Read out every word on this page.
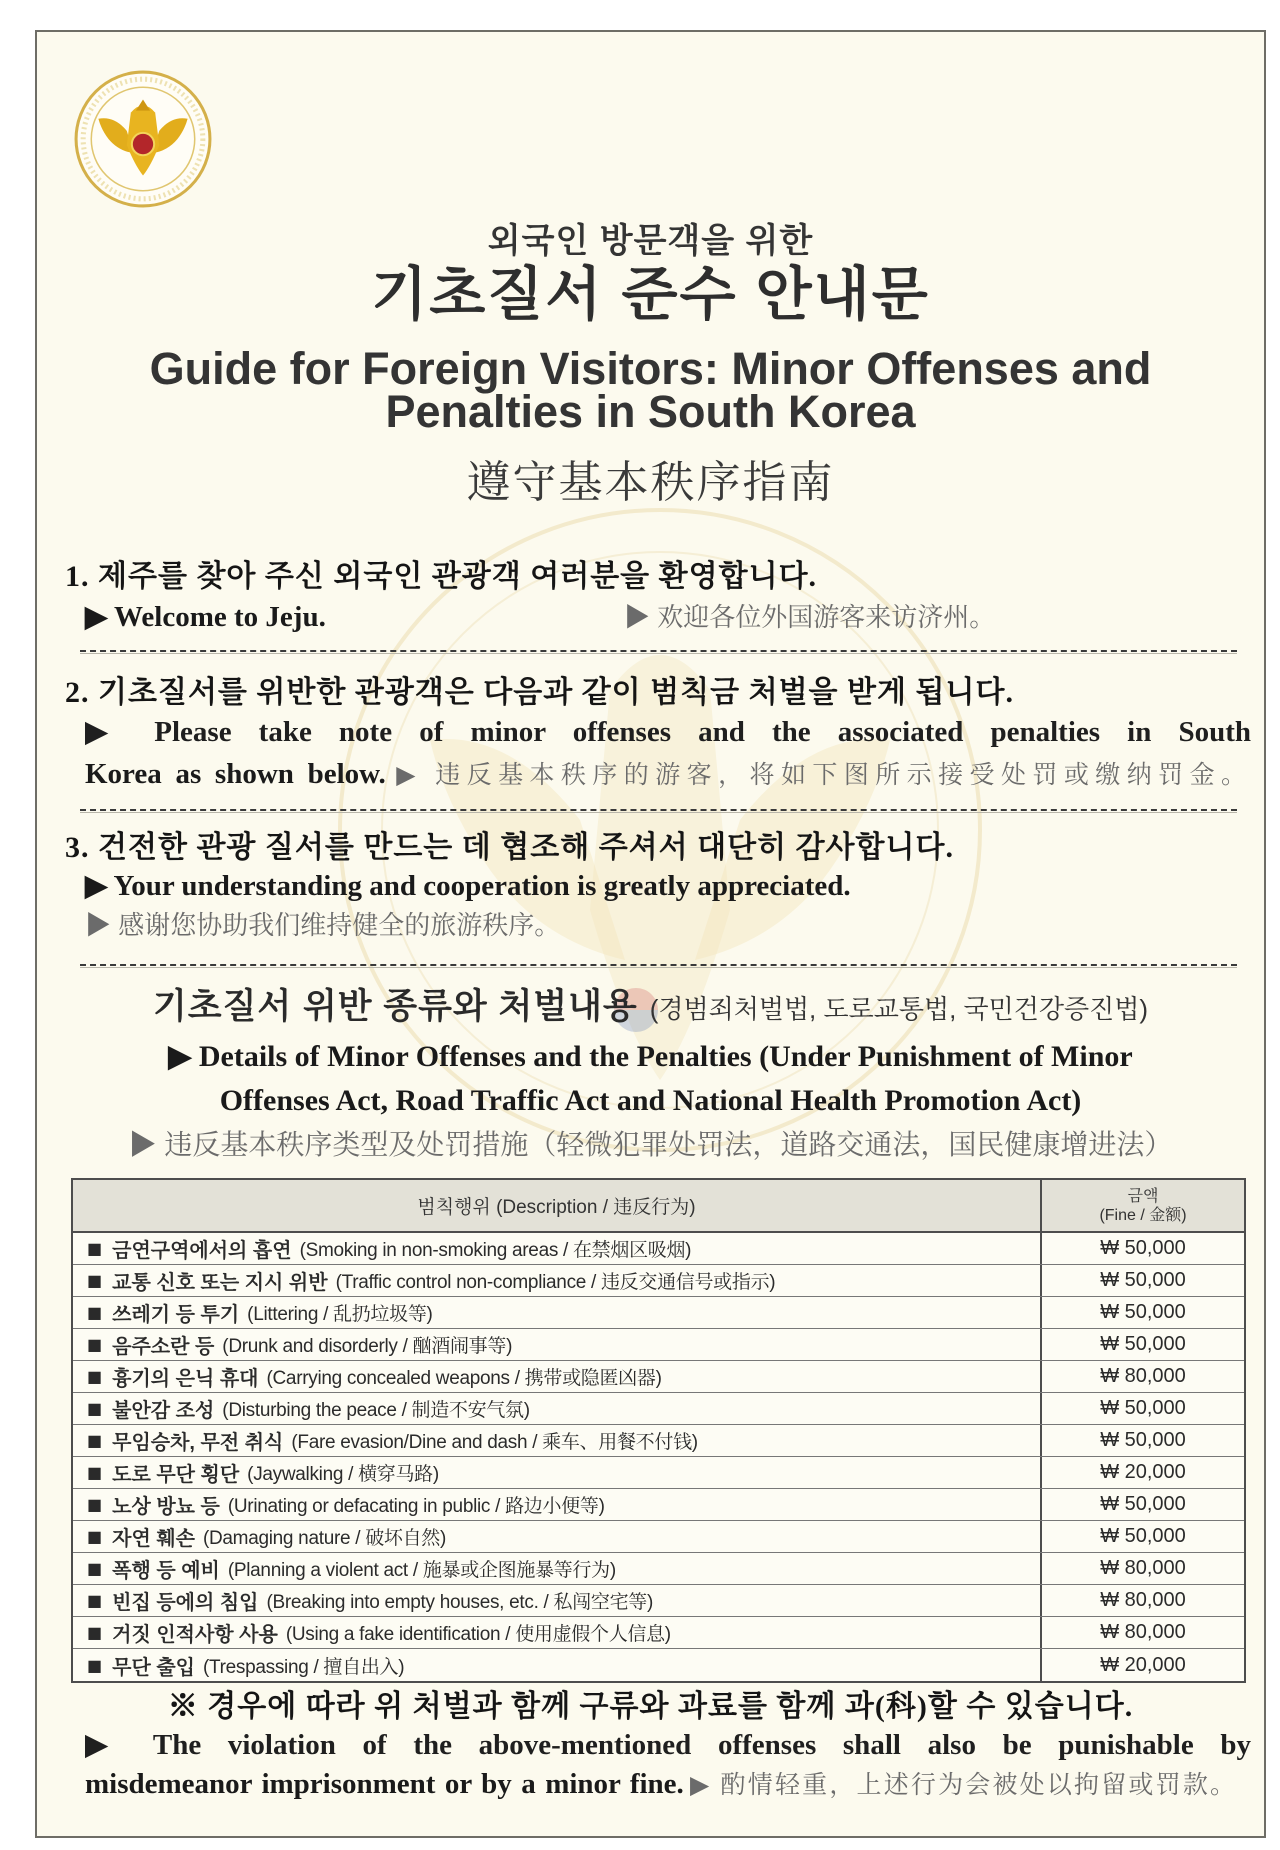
외국인 방문객을 위한
기초질서 준수 안내문
Guide for Foreign Visitors: Minor Offenses and
Penalties in South Korea
遵守基本秩序指南
1. 제주를 찾아 주신 외국인 관광객 여러분을 환영합니다.
▶ Welcome to Jeju.	▶ 欢迎各位外国游客来访济州。
2. 기초질서를 위반한 관광객은 다음과 같이 범칙금 처벌을 받게 됩니다.
▶ Please take note of minor offenses and the associated penalties in South
Korea as shown below. ▶ 违反基本秩序的游客，将如下图所示接受处罚或缴纳罚金。
3. 건전한 관광 질서를 만드는 데 협조해 주셔서 대단히 감사합니다.
▶ Your understanding and cooperation is greatly appreciated.
▶ 感谢您协助我们维持健全的旅游秩序。
기초질서 위반 종류와 처벌내용 (경범죄처벌법, 도로교통법, 국민건강증진법)
▶ Details of Minor Offenses and the Penalties (Under Punishment of Minor
Offenses Act, Road Traffic Act and National Health Promotion Act)
▶ 违反基本秩序类型及处罚措施（轻微犯罪处罚法，道路交通法，国民健康增进法）
범칙행위 (Description / 违反行为)
금액
(Fine / 金额)
■ 금연구역에서의 흡연 (Smoking in non-smoking areas / 在禁烟区吸烟)	₩ 50,000
■ 교통 신호 또는 지시 위반 (Traffic control non-compliance / 违反交通信号或指示)	₩ 50,000
■ 쓰레기 등 투기 (Littering / 乱扔垃圾等)	₩ 50,000
■ 음주소란 등 (Drunk and disorderly / 酗酒闹事等)	₩ 50,000
■ 흉기의 은닉 휴대 (Carrying concealed weapons / 携带或隐匿凶器)	₩ 80,000
■ 불안감 조성 (Disturbing the peace / 制造不安气氛)	₩ 50,000
■ 무임승차, 무전 취식 (Fare evasion/Dine and dash / 乘车、用餐不付钱)	₩ 50,000
■ 도로 무단 횡단 (Jaywalking / 横穿马路)	₩ 20,000
■ 노상 방뇨 등 (Urinating or defacating in public / 路边小便等)	₩ 50,000
■ 자연 훼손 (Damaging nature / 破坏自然)	₩ 50,000
■ 폭행 등 예비 (Planning a violent act / 施暴或企图施暴等行为)	₩ 80,000
■ 빈집 등에의 침입 (Breaking into empty houses, etc. / 私闯空宅等)	₩ 80,000
■ 거짓 인적사항 사용 (Using a fake identification / 使用虚假个人信息)	₩ 80,000
■ 무단 출입 (Trespassing / 擅自出入)	₩ 20,000
※ 경우에 따라 위 처벌과 함께 구류와 과료를 함께 과(科)할 수 있습니다.
▶ The violation of the above-mentioned offenses shall also be punishable by
misdemeanor imprisonment or by a minor fine. ▶ 酌情轻重，上述行为会被处以拘留或罚款。
